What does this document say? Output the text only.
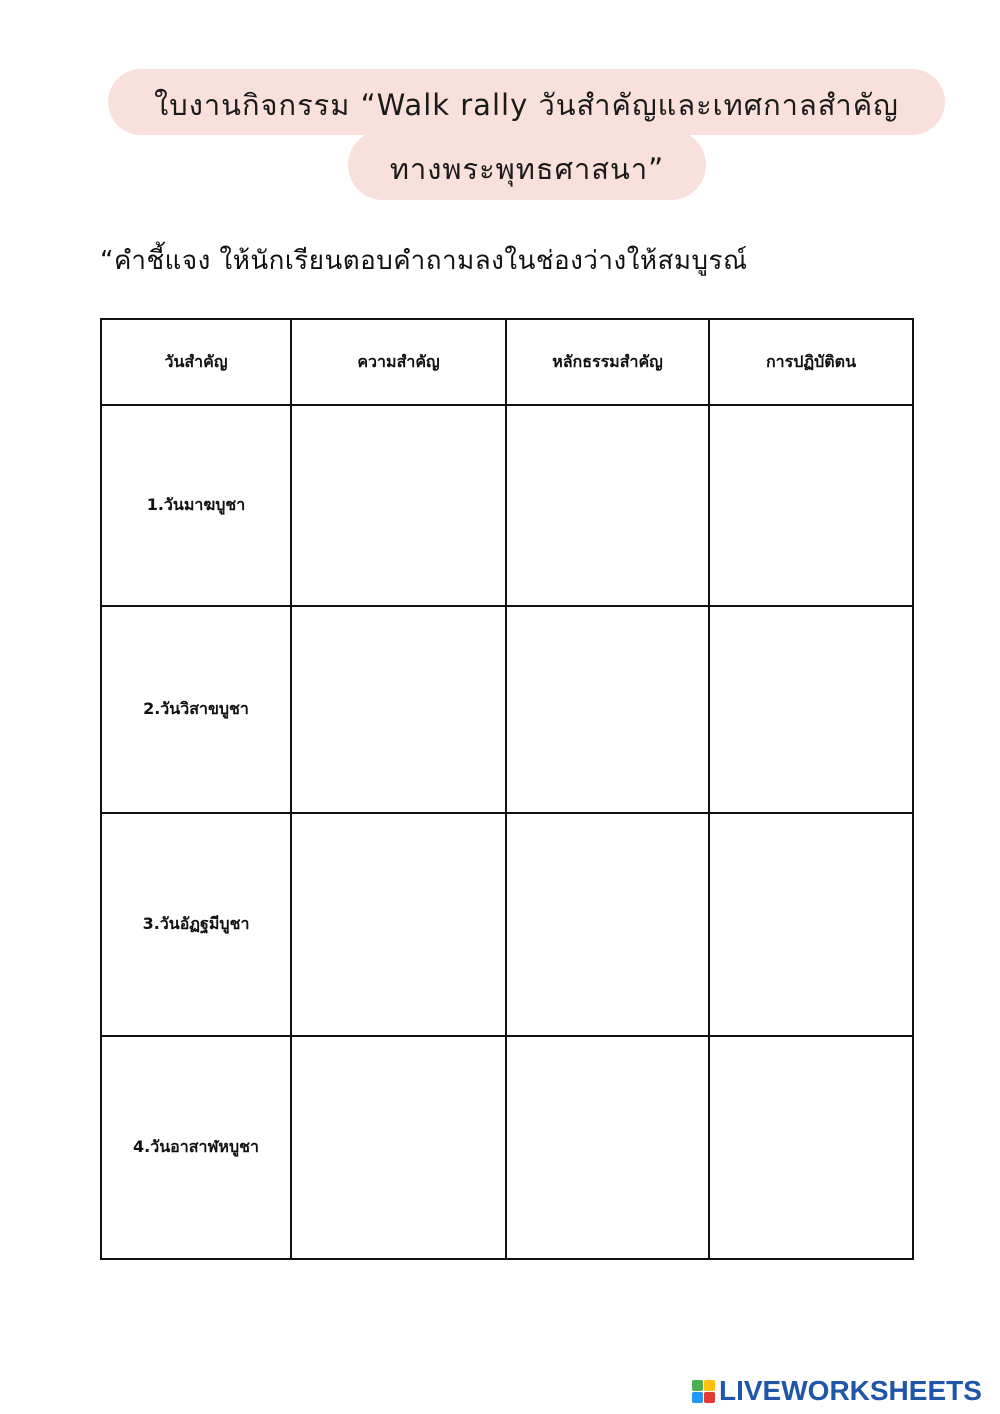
ใบงานกิจกรรม “Walk rally วันสำคัญและเทศกาลสำคัญ
ทางพระพุทธศาสนา”
“คำชี้แจง ให้นักเรียนตอบคำถามลงในช่องว่างให้สมบูรณ์
วันสำคัญ	ความสำคัญ	หลักธรรมสำคัญ	การปฏิบัติตน
1.วันมาฆบูชา			
2.วันวิสาขบูชา			
3.วันอัฏฐมีบูชา			
4.วันอาสาฬหบูชา			
LIVEWORKSHEETS
